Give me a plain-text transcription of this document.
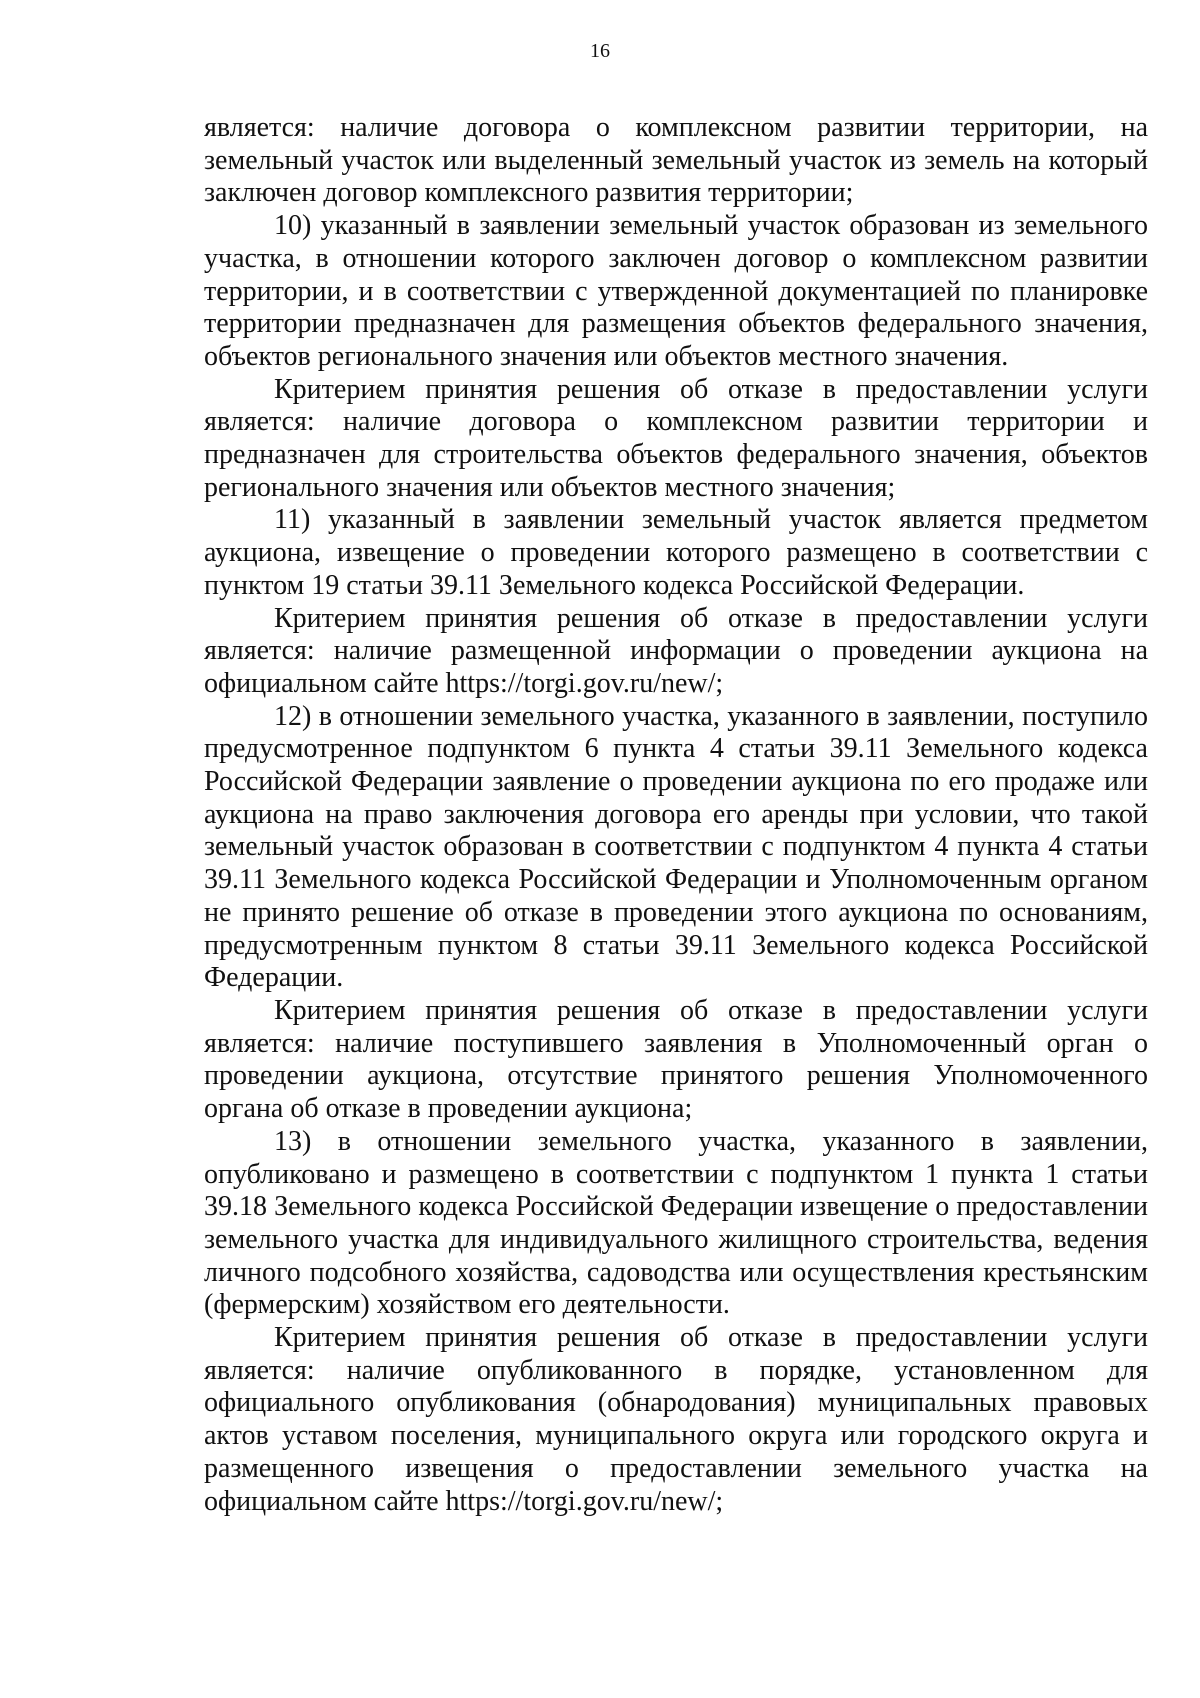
16

является: наличие договора о комплексном развитии территории, на земельный участок или выделенный земельный участок из земель на который заключен договор комплексного развития территории;

10) указанный в заявлении земельный участок образован из земельного участка, в отношении которого заключен договор о комплексном развитии территории, и в соответствии с утвержденной документацией по планировке территории предназначен для размещения объектов федерального значения, объектов регионального значения или объектов местного значения.

Критерием принятия решения об отказе в предоставлении услуги является: наличие договора о комплексном развитии территории и предназначен для строительства объектов федерального значения, объектов регионального значения или объектов местного значения;

11) указанный в заявлении земельный участок является предметом аукциона, извещение о проведении которого размещено в соответствии с пунктом 19 статьи 39.11 Земельного кодекса Российской Федерации.

Критерием принятия решения об отказе в предоставлении услуги является: наличие размещенной информации о проведении аукциона на официальном сайте https://torgi.gov.ru/new/;

12) в отношении земельного участка, указанного в заявлении, поступило предусмотренное подпунктом 6 пункта 4 статьи 39.11 Земельного кодекса Российской Федерации заявление о проведении аукциона по его продаже или аукциона на право заключения договора его аренды при условии, что такой земельный участок образован в соответствии с подпунктом 4 пункта 4 статьи 39.11 Земельного кодекса Российской Федерации и Уполномоченным органом не принято решение об отказе в проведении этого аукциона по основаниям, предусмотренным пунктом 8 статьи 39.11 Земельного кодекса Российской Федерации.

Критерием принятия решения об отказе в предоставлении услуги является: наличие поступившего заявления в Уполномоченный орган о проведении аукциона, отсутствие принятого решения Уполномоченного органа об отказе в проведении аукциона;

13) в отношении земельного участка, указанного в заявлении, опубликовано и размещено в соответствии с подпунктом 1 пункта 1 статьи 39.18 Земельного кодекса Российской Федерации извещение о предоставлении земельного участка для индивидуального жилищного строительства, ведения личного подсобного хозяйства, садоводства или осуществления крестьянским (фермерским) хозяйством его деятельности.

Критерием принятия решения об отказе в предоставлении услуги является: наличие опубликованного в порядке, установленном для официального опубликования (обнародования) муниципальных правовых актов уставом поселения, муниципального округа или городского округа и размещенного извещения о предоставлении земельного участка на официальном сайте https://torgi.gov.ru/new/;
